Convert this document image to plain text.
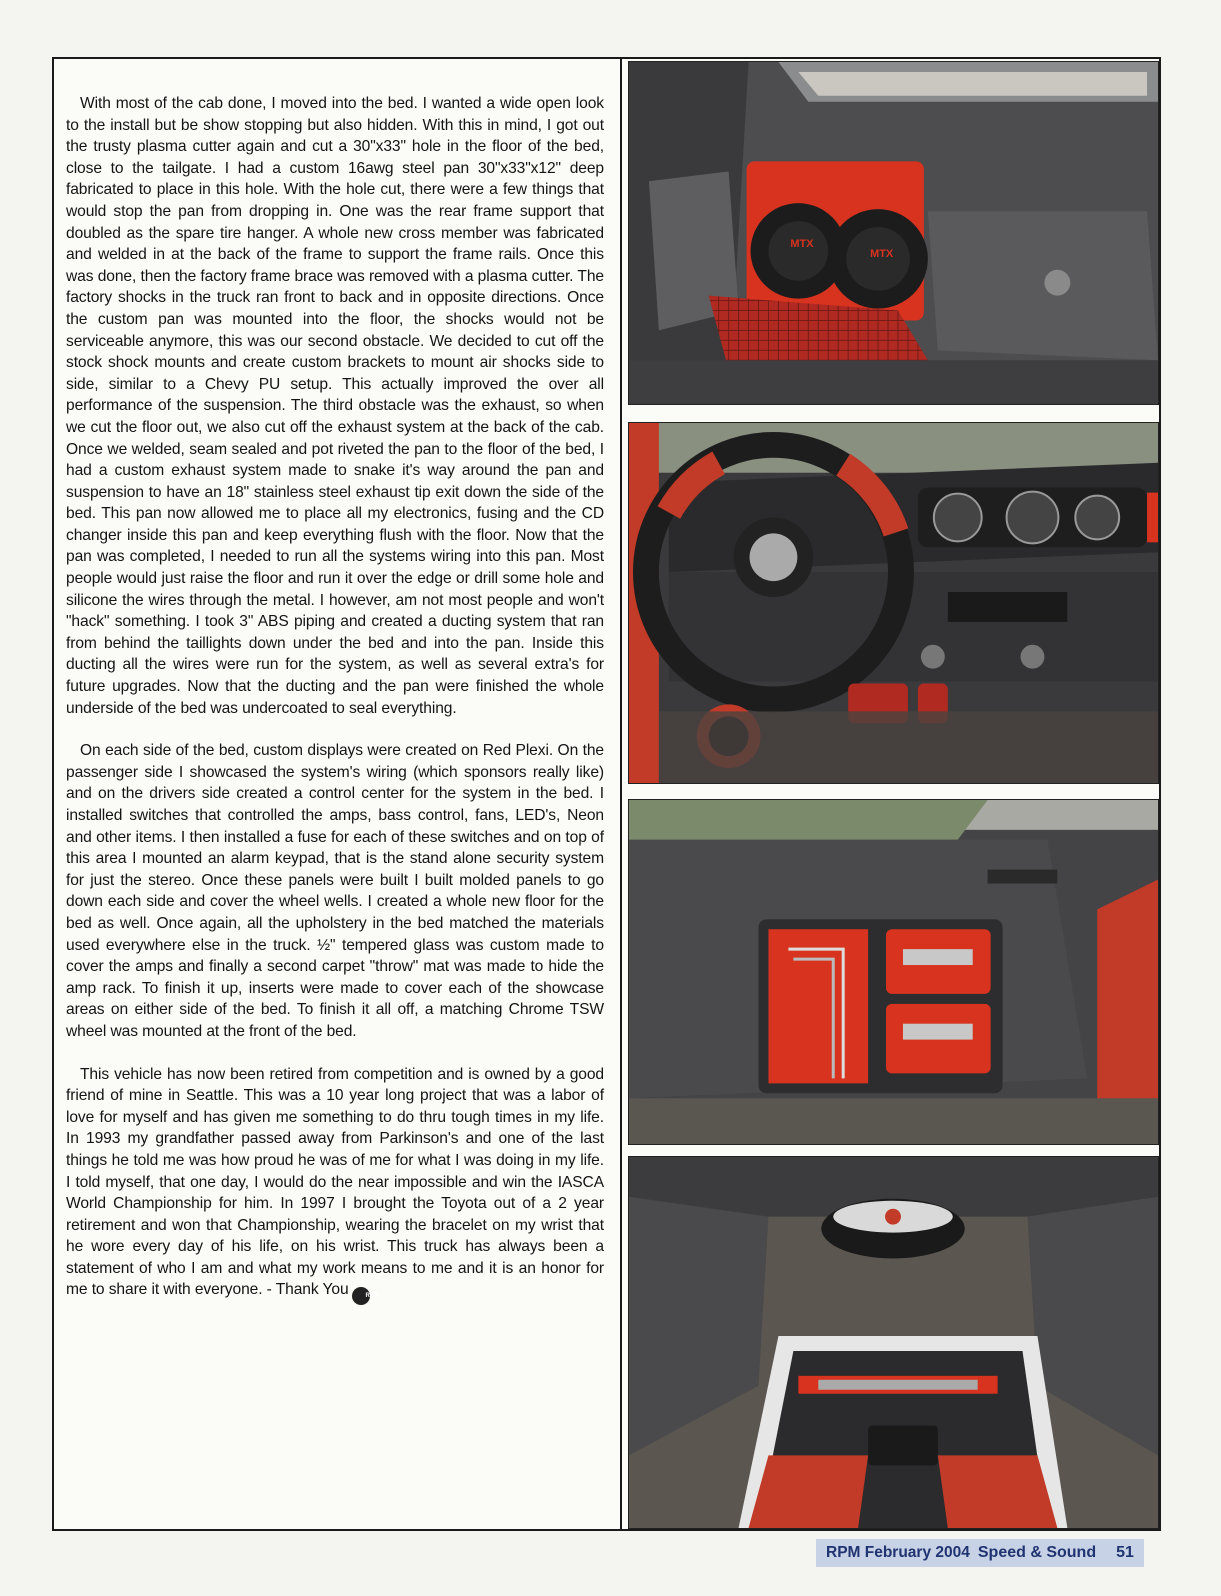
With most of the cab done, I moved into the bed. I wanted a wide open look to the install but be show stopping but also hidden. With this in mind, I got out the trusty plasma cutter again and cut a 30"x33" hole in the floor of the bed, close to the tailgate. I had a custom 16awg steel pan 30"x33"x12" deep fabricated to place in this hole. With the hole cut, there were a few things that would stop the pan from dropping in. One was the rear frame support that doubled as the spare tire hanger. A whole new cross member was fabricated and welded in at the back of the frame to support the frame rails. Once this was done, then the factory frame brace was removed with a plasma cutter. The factory shocks in the truck ran front to back and in opposite directions. Once the custom pan was mounted into the floor, the shocks would not be serviceable anymore, this was our second obstacle. We decided to cut off the stock shock mounts and create custom brackets to mount air shocks side to side, similar to a Chevy PU setup. This actually improved the over all performance of the suspension. The third obstacle was the exhaust, so when we cut the floor out, we also cut off the exhaust system at the back of the cab. Once we welded, seam sealed and pot riveted the pan to the floor of the bed, I had a custom exhaust system made to snake it's way around the pan and suspension to have an 18" stainless steel exhaust tip exit down the side of the bed. This pan now allowed me to place all my electronics, fusing and the CD changer inside this pan and keep everything flush with the floor. Now that the pan was completed, I needed to run all the systems wiring into this pan. Most people would just raise the floor and run it over the edge or drill some hole and silicone the wires through the metal. I however, am not most people and won't "hack" something. I took 3" ABS piping and created a ducting system that ran from behind the taillights down under the bed and into the pan. Inside this ducting all the wires were run for the system, as well as several extra's for future upgrades. Now that the ducting and the pan were finished the whole underside of the bed was undercoated to seal everything.

On each side of the bed, custom displays were created on Red Plexi. On the passenger side I showcased the system's wiring (which sponsors really like) and on the drivers side created a control center for the system in the bed. I installed switches that controlled the amps, bass control, fans, LED's, Neon and other items. I then installed a fuse for each of these switches and on top of this area I mounted an alarm keypad, that is the stand alone security system for just the stereo. Once these panels were built I built molded panels to go down each side and cover the wheel wells. I created a whole new floor for the bed as well. Once again, all the upholstery in the bed matched the materials used everywhere else in the truck. ½" tempered glass was custom made to cover the amps and finally a second carpet "throw" mat was made to hide the amp rack. To finish it up, inserts were made to cover each of the showcase areas on either side of the bed. To finish it all off, a matching Chrome TSW wheel was mounted at the front of the bed.

This vehicle has now been retired from competition and is owned by a good friend of mine in Seattle. This was a 10 year long project that was a labor of love for myself and has given me something to do thru tough times in my life. In 1993 my grandfather passed away from Parkinson's and one of the last things he told me was how proud he was of me for what I was doing in my life. I told myself, that one day, I would do the near impossible and win the IASCA World Championship for him. In 1997 I brought the Toyota out of a 2 year retirement and won that Championship, wearing the bracelet on my wrist that he wore every day of his life, on his wrist. This truck has always been a statement of who I am and what my work means to me and it is an honor for me to share it with everyone. - Thank You	RPM

MTX
MTX
RPM February 2004 Speed & Sound 51
